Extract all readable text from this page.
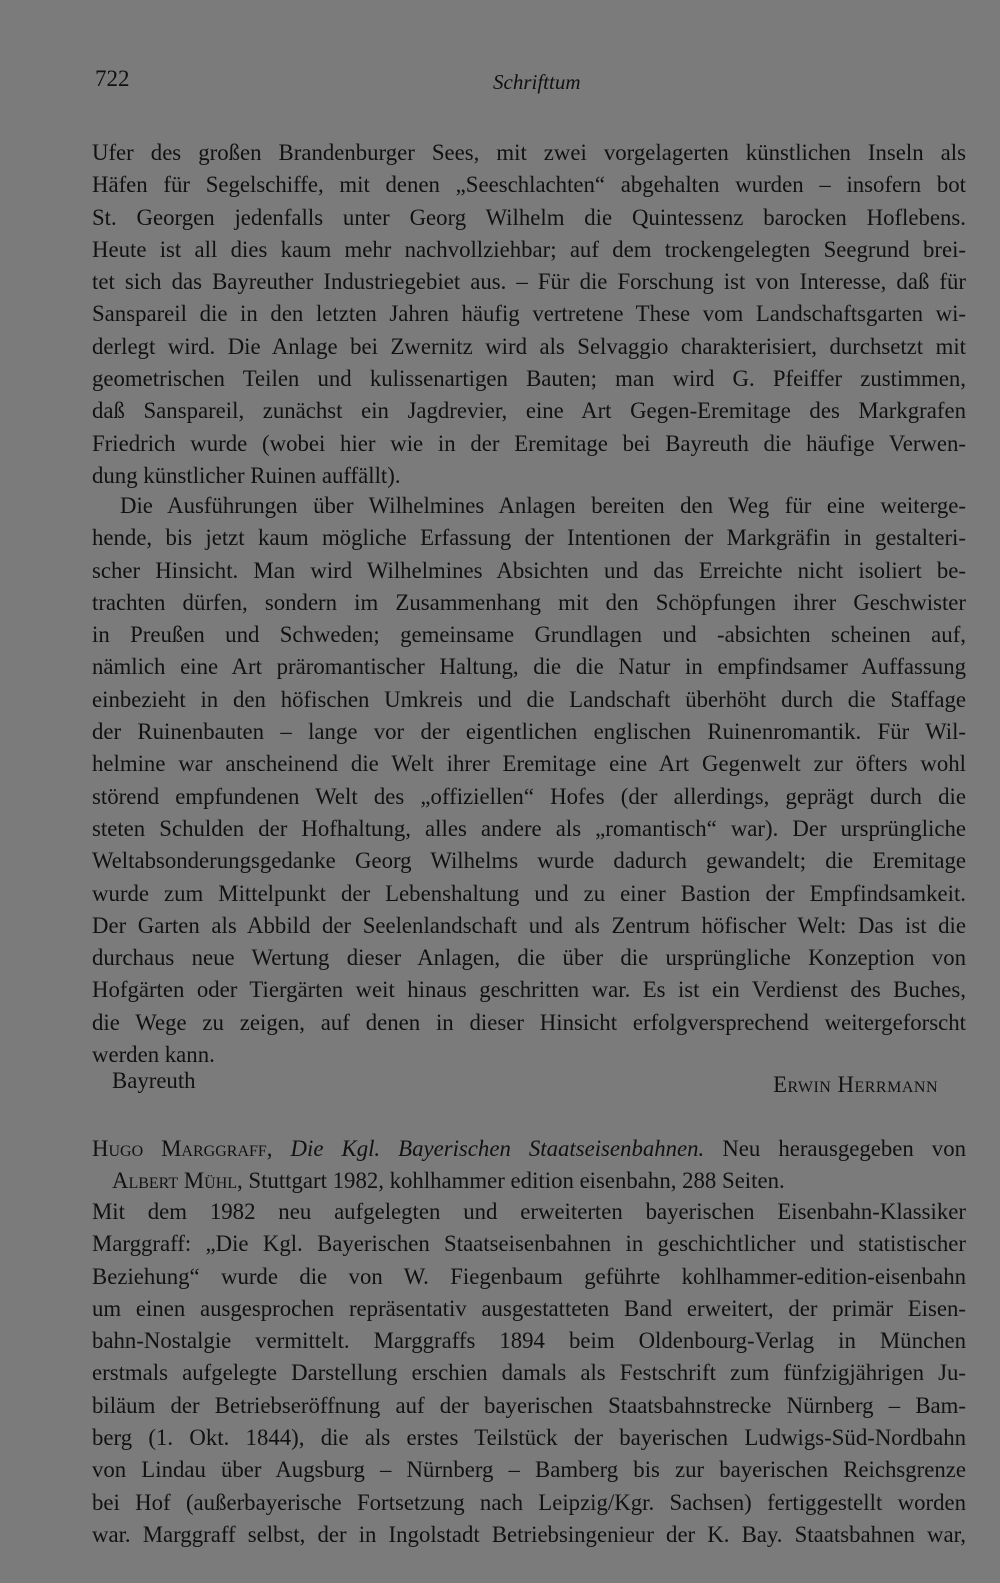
722	Schrifttum
Ufer des großen Brandenburger Sees, mit zwei vorgelagerten künstlichen Inseln als
Häfen für Segelschiffe, mit denen „Seeschlachten“ abgehalten wurden – insofern bot
St. Georgen jedenfalls unter Georg Wilhelm die Quintessenz barocken Hoflebens.
Heute ist all dies kaum mehr nachvollziehbar; auf dem trockengelegten Seegrund brei-
tet sich das Bayreuther Industriegebiet aus. – Für die Forschung ist von Interesse, daß für
Sanspareil die in den letzten Jahren häufig vertretene These vom Landschaftsgarten wi-
derlegt wird. Die Anlage bei Zwernitz wird als Selvaggio charakterisiert, durchsetzt mit
geometrischen Teilen und kulissenartigen Bauten; man wird G. Pfeiffer zustimmen,
daß Sanspareil, zunächst ein Jagdrevier, eine Art Gegen-Eremitage des Markgrafen
Friedrich wurde (wobei hier wie in der Eremitage bei Bayreuth die häufige Verwen-
dung künstlicher Ruinen auffällt).
Die Ausführungen über Wilhelmines Anlagen bereiten den Weg für eine weitergе-
hende, bis jetzt kaum mögliche Erfassung der Intentionen der Markgräfin in gestalteri-
scher Hinsicht. Man wird Wilhelmines Absichten und das Erreichte nicht isoliert be-
trachten dürfen, sondern im Zusammenhang mit den Schöpfungen ihrer Geschwister
in Preußen und Schweden; gemeinsame Grundlagen und -absichten scheinen auf,
nämlich eine Art präromantischer Haltung, die die Natur in empfindsamer Auffassung
einbezieht in den höfischen Umkreis und die Landschaft überhöht durch die Staffage
der Ruinenbauten – lange vor der eigentlichen englischen Ruinenromantik. Für Wil-
helmine war anscheinend die Welt ihrer Eremitage eine Art Gegenwelt zur öfters wohl
störend empfundenen Welt des „offiziellen“ Hofes (der allerdings, geprägt durch die
steten Schulden der Hofhaltung, alles andere als „romantisch“ war). Der ursprüngliche
Weltabsonderungsgedanke Georg Wilhelms wurde dadurch gewandelt; die Eremitage
wurde zum Mittelpunkt der Lebenshaltung und zu einer Bastion der Empfindsamkeit.
Der Garten als Abbild der Seelenlandschaft und als Zentrum höfischer Welt: Das ist die
durchaus neue Wertung dieser Anlagen, die über die ursprüngliche Konzeption von
Hofgärten oder Tiergärten weit hinaus geschritten war. Es ist ein Verdienst des Buches,
die Wege zu zeigen, auf denen in dieser Hinsicht erfolgversprechend weitergeforscht
werden kann.
Bayreuth	Erwin Herrmann
Hugo Marggraff, Die Kgl. Bayerischen Staatseisenbahnen. Neu herausgegeben von
Albert Mühl, Stuttgart 1982, kohlhammer edition eisenbahn, 288 Seiten.
Mit dem 1982 neu aufgelegten und erweiterten bayerischen Eisenbahn-Klassiker
Marggraff: „Die Kgl. Bayerischen Staatseisenbahnen in geschichtlicher und statistischer
Beziehung“ wurde die von W. Fiegenbaum geführte kohlhammer-edition-eisenbahn
um einen ausgesprochen repräsentativ ausgestatteten Band erweitert, der primär Eisen-
bahn-Nostalgie vermittelt. Marggraffs 1894 beim Oldenbourg-Verlag in München
erstmals aufgelegte Darstellung erschien damals als Festschrift zum fünfzigjährigen Ju-
biläum der Betriebseröffnung auf der bayerischen Staatsbahnstrecke Nürnberg – Bam-
berg (1. Okt. 1844), die als erstes Teilstück der bayerischen Ludwigs-Süd-Nordbahn
von Lindau über Augsburg – Nürnberg – Bamberg bis zur bayerischen Reichsgrenze
bei Hof (außerbayerische Fortsetzung nach Leipzig/Kgr. Sachsen) fertiggestellt worden
war. Marggraff selbst, der in Ingolstadt Betriebsingenieur der K. Bay. Staatsbahnen war,
